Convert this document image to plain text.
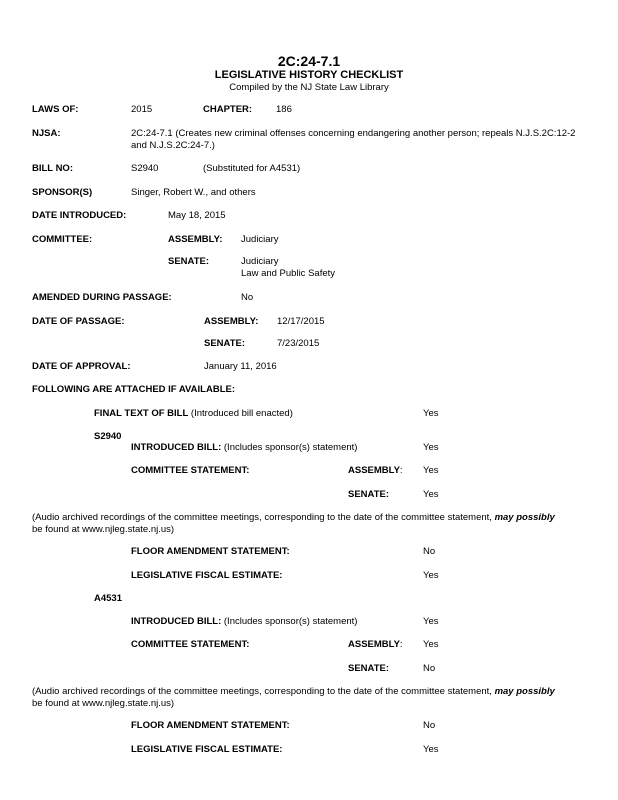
2C:24-7.1
LEGISLATIVE HISTORY CHECKLIST
Compiled by the NJ State Law Library
LAWS OF:	2015	CHAPTER:	186
NJSA:	2C:24-7.1 (Creates new criminal offenses concerning endangering another person; repeals N.J.S.2C:12-2
and N.J.S.2C:24-7.)
BILL NO:	S2940	(Substituted for A4531)
SPONSOR(S)	Singer, Robert W., and others
DATE INTRODUCED:	May 18, 2015
COMMITTEE:	ASSEMBLY: Judiciary
SENATE:	Judiciary
Law and Public Safety
AMENDED DURING PASSAGE:	No
DATE OF PASSAGE:	ASSEMBLY: 12/17/2015
SENATE:	7/23/2015
DATE OF APPROVAL:	January 11, 2016
FOLLOWING ARE ATTACHED IF AVAILABLE:
FINAL TEXT OF BILL (Introduced bill enacted)	Yes
S2940
INTRODUCED BILL: (Includes sponsor(s) statement)	Yes
COMMITTEE STATEMENT:	ASSEMBLY: Yes
SENATE:	Yes
(Audio archived recordings of the committee meetings, corresponding to the date of the committee statement, may possibly
be found at www.njleg.state.nj.us)
FLOOR AMENDMENT STATEMENT:	No
LEGISLATIVE FISCAL ESTIMATE:	Yes
A4531
INTRODUCED BILL: (Includes sponsor(s) statement)	Yes
COMMITTEE STATEMENT:	ASSEMBLY: Yes
SENATE:	No
(Audio archived recordings of the committee meetings, corresponding to the date of the committee statement, may possibly
be found at www.njleg.state.nj.us)
FLOOR AMENDMENT STATEMENT:	No
LEGISLATIVE FISCAL ESTIMATE:	Yes
